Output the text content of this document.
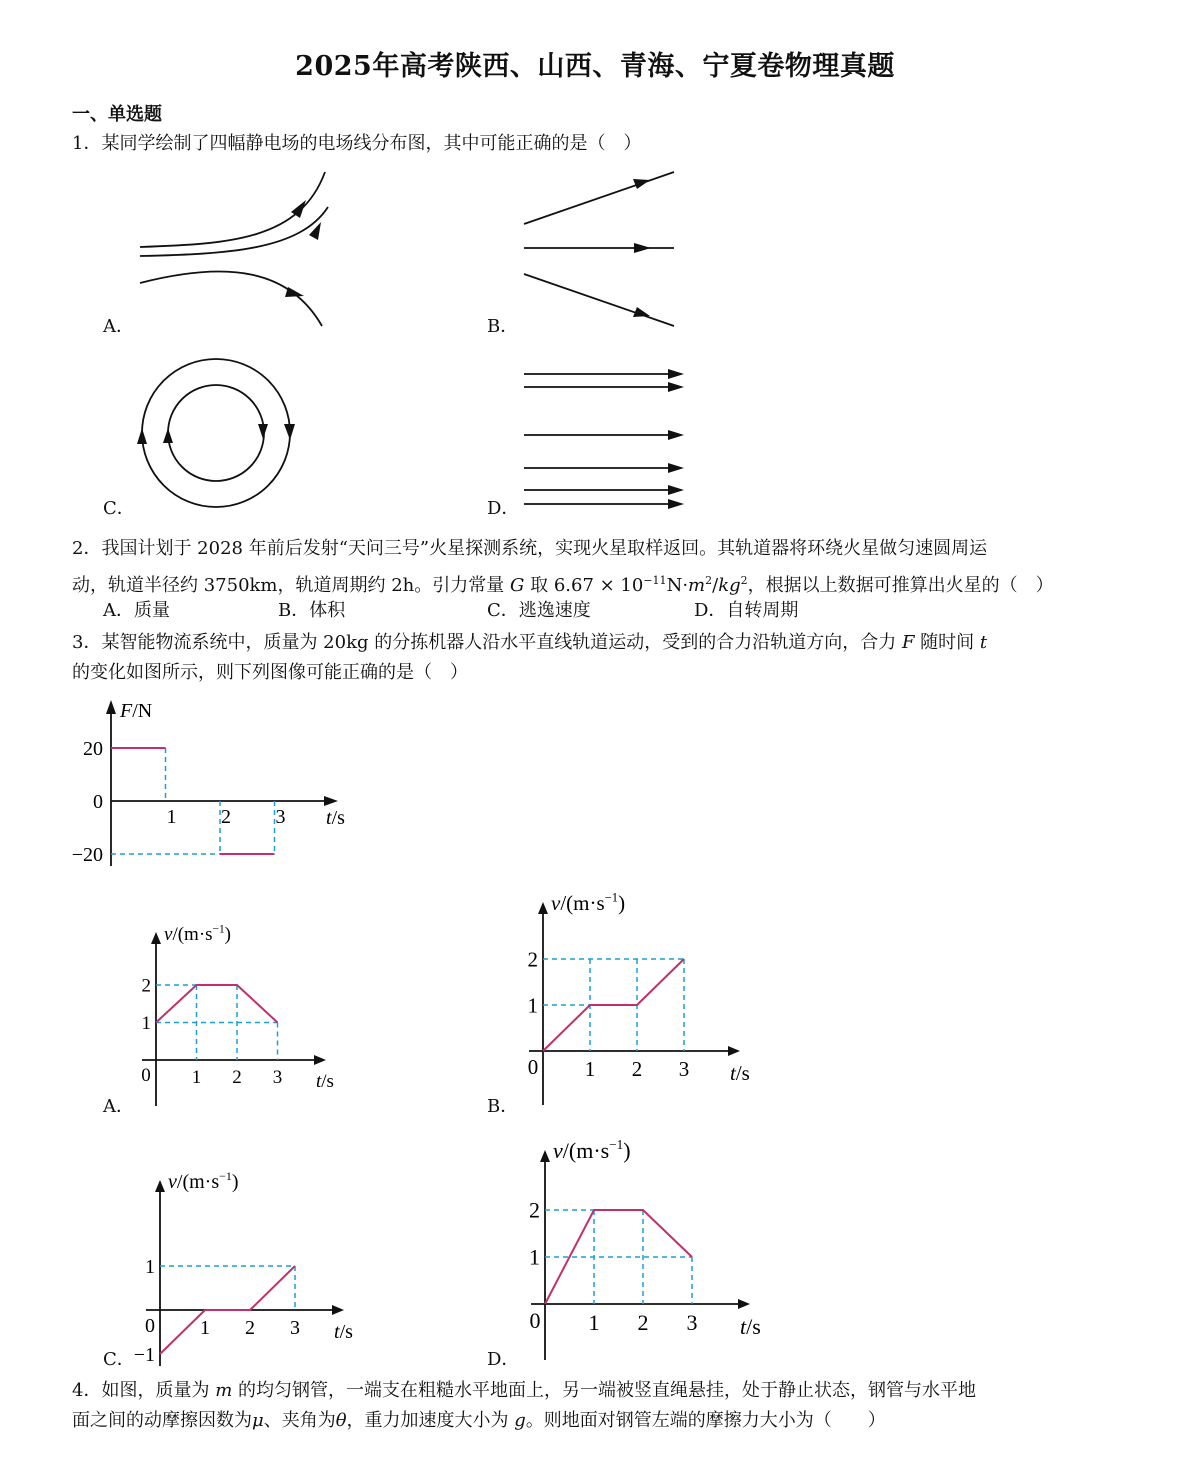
2025年高考陕西、山西、青海、宁夏卷物理真题
一、单选题
1．某同学绘制了四幅静电场的电场线分布图，其中可能正确的是（　）
A．	B．
C．	D．
2．我国计划于 2028 年前后发射“天问三号”火星探测系统，实现火星取样返回。其轨道器将环绕火星做匀速圆周运
动，轨道半径约 3750km，轨道周期约 2h。引力常量 G 取 $6.67 \times 10^{-11}N\cdot m^2/kg^2$，根据以上数据可推算出火星的（　）
A．质量	B．体积	C．逃逸速度	D．自转周期
3．某智能物流系统中，质量为 20kg 的分拣机器人沿水平直线轨道运动，受到的合力沿轨道方向，合力 F 随时间 t
的变化如图所示，则下列图像可能正确的是（　）
F/N
t/s
20
0
−20
1 2 3
$v/(m\cdot s^{-1})$
t/s
0 1 2 3
2
1
$v/(m\cdot s^{-1})$
t/s
0 1 2 3
2
1
$v/(m\cdot s^{-1})$
t/s
0 1 2 3
1
−1
$v/(m\cdot s^{-1})$
t/s
0 1 2 3
2
1
A．	B．
C．	D．
4．如图，质量为 m 的均匀钢管，一端支在粗糙水平地面上，另一端被竖直绳悬挂，处于静止状态，钢管与水平地
面之间的动摩擦因数为μ、夹角为θ，重力加速度大小为 g。则地面对钢管左端的摩擦力大小为（　　）
